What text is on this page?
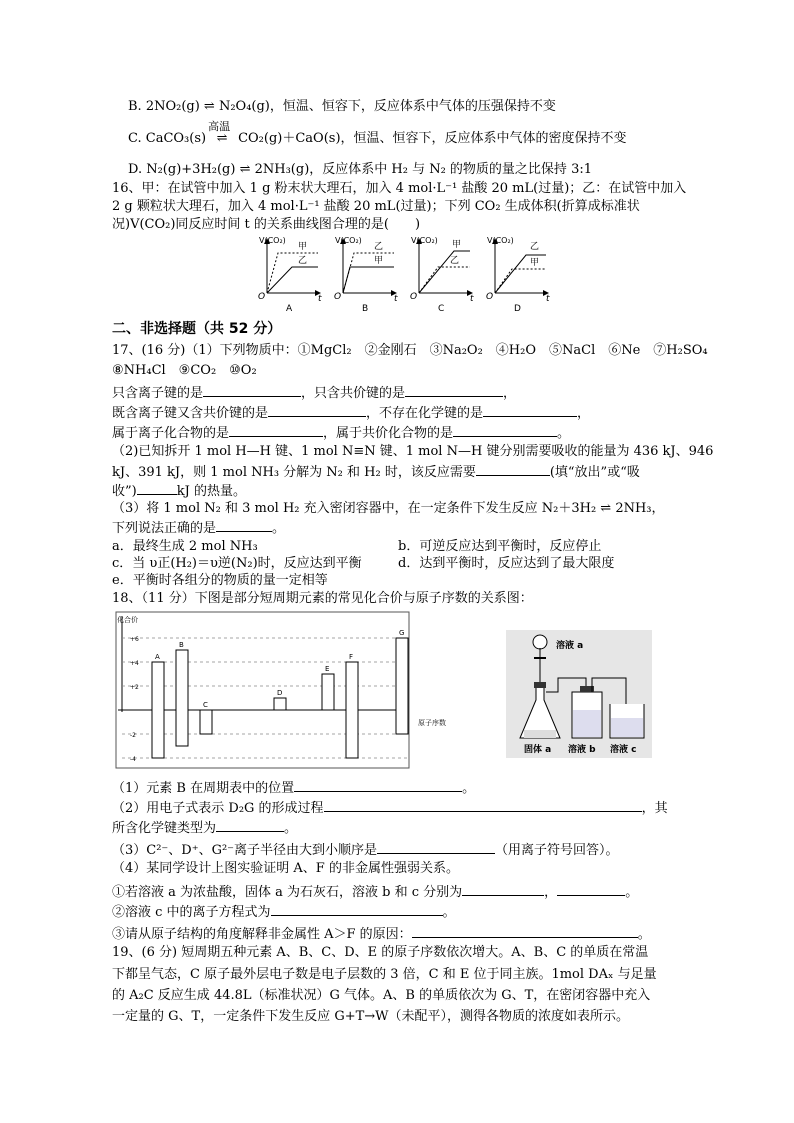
B. 2NO₂(g) ⇌ N₂O₄(g)，恒温、恒容下，反应体系中气体的压强保持不变
C. CaCO₃(s)
高温
⇌ CO₂(g)＋CaO(s)，恒温、恒容下，反应体系中气体的密度保持不变
D. N₂(g)+3H₂(g) ⇌ 2NH₃(g)，反应体系中 H₂ 与 N₂ 的物质的量之比保持 3:1
16、甲：在试管中加入 1 g 粉末状大理石，加入 4 mol·L⁻¹ 盐酸 20 mL(过量)；乙：在试管中加入
2 g 颗粒状大理石，加入 4 mol·L⁻¹ 盐酸 20 mL(过量)；下列 CO₂ 生成体积(折算成标准状
况)V(CO₂)同反应时间 t 的关系曲线图合理的是(　　)
V(CO₂)
t
O
甲
乙
A
V(CO₂)
t
O
乙
甲
B
V(CO₂)
t
O
甲
乙
C
V(CO₂)
t
O
乙
甲
D
二、非选择题（共 52 分）
17、(16 分)（1）下列物质中：①MgCl₂　②金刚石　③Na₂O₂　④H₂O　⑤NaCl　⑥Ne　⑦H₂SO₄
⑧NH₄Cl　⑨CO₂　⑩O₂
只含离子键的是	，只含共价键的是	，
既含离子键又含共价键的是	，不存在化学键的是	，
属于离子化合物的是	，属于共价化合物的是	。
（2)已知拆开 1 mol H—H 键、1 mol N≡N 键、1 mol N—H 键分别需要吸收的能量为 436 kJ、946
kJ、391 kJ，则 1 mol NH₃ 分解为 N₂ 和 H₂ 时，该反应需要	(填“放出”或“吸
收”)	kJ 的热量。
（3）将 1 mol N₂ 和 3 mol H₂ 充入密闭容器中，在一定条件下发生反应 N₂＋3H₂ ⇌ 2NH₃，
下列说法正确的是	。
a．最终生成 2 mol NH₃	b．可逆反应达到平衡时，反应停止
c．当 υ正(H₂)＝υ逆(N₂)时，反应达到平衡	d．达到平衡时，反应达到了最大限度
e．平衡时各组分的物质的量一定相等
18、（11 分）下图是部分短周期元素的常见化合价与原子序数的关系图：
化合价
原子序数
-4
-2
+2
+4
+6
A
B
C
D
E
F
G
溶液 a
固体 a 溶液 b 溶液 c
（1）元素 B 在周期表中的位置	。
（2）用电子式表示 D₂G 的形成过程	，其
所含化学键类型为	。
（3）C²⁻、D⁺、G²⁻离子半径由大到小顺序是	（用离子符号回答）。
（4）某同学设计上图实验证明 A、F 的非金属性强弱关系。
①若溶液 a 为浓盐酸，固体 a 为石灰石，溶液 b 和 c 分别为	，	。
②溶液 c 中的离子方程式为	。
③请从原子结构的角度解释非金属性 A＞F 的原因：	。
19、(6 分) 短周期五种元素 A、B、C、D、E 的原子序数依次增大。A、B、C 的单质在常温
下都呈气态，C 原子最外层电子数是电子层数的 3 倍，C 和 E 位于同主族。1mol DAₓ 与足量
的 A₂C 反应生成 44.8L（标准状况）G 气体。A、B 的单质依次为 G、T，在密闭容器中充入
一定量的 G、T，一定条件下发生反应 G+T→W（未配平），测得各物质的浓度如表所示。
